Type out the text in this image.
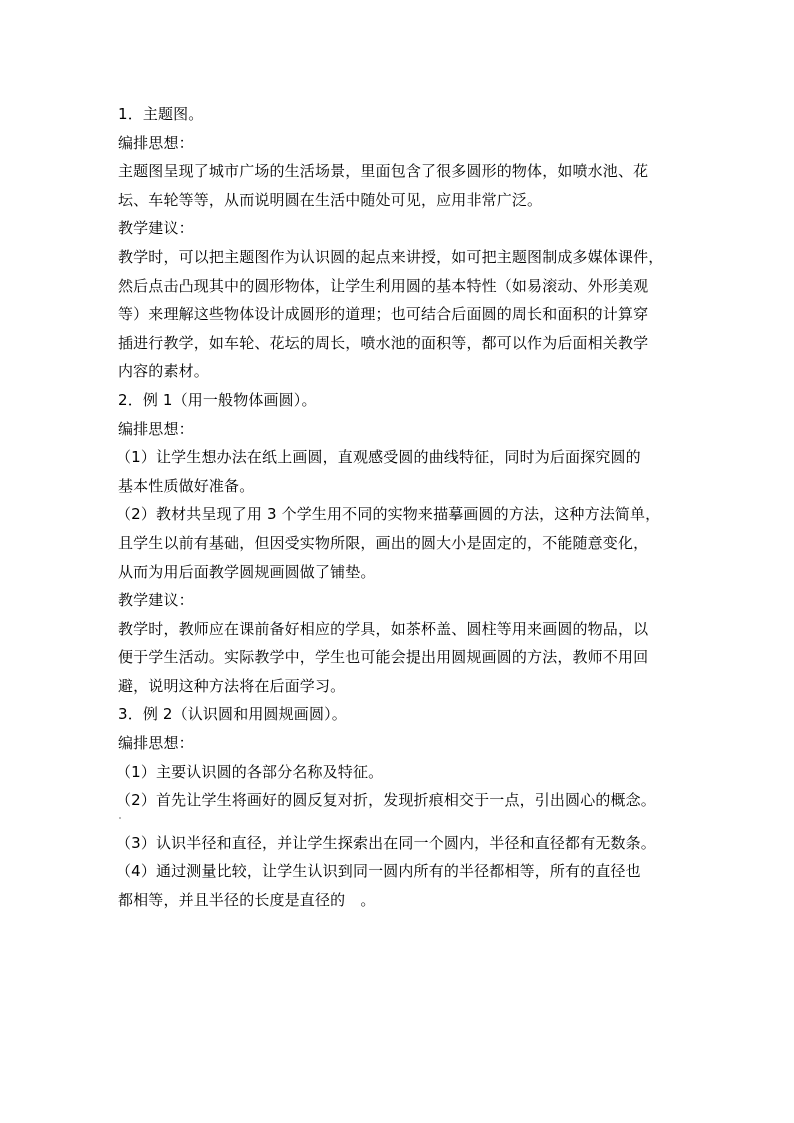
1．主题图。
编排思想：
主题图呈现了城市广场的生活场景，里面包含了很多圆形的物体，如喷水池、花
坛、车轮等等，从而说明圆在生活中随处可见，应用非常广泛。
教学建议：
教学时，可以把主题图作为认识圆的起点来讲授，如可把主题图制成多媒体课件，
然后点击凸现其中的圆形物体，让学生利用圆的基本特性（如易滚动、外形美观
等）来理解这些物体设计成圆形的道理；也可结合后面圆的周长和面积的计算穿
插进行教学，如车轮、花坛的周长，喷水池的面积等，都可以作为后面相关教学
内容的素材。
2．例 1（用一般物体画圆）。
编排思想：
（1）让学生想办法在纸上画圆，直观感受圆的曲线特征，同时为后面探究圆的
基本性质做好准备。
（2）教材共呈现了用 3 个学生用不同的实物来描摹画圆的方法，这种方法简单，
且学生以前有基础，但因受实物所限，画出的圆大小是固定的，不能随意变化，
从而为用后面教学圆规画圆做了铺垫。
教学建议：
教学时，教师应在课前备好相应的学具，如茶杯盖、圆柱等用来画圆的物品，以
便于学生活动。实际教学中，学生也可能会提出用圆规画圆的方法，教师不用回
避，说明这种方法将在后面学习。
3．例 2（认识圆和用圆规画圆）。
编排思想：
（1）主要认识圆的各部分名称及特征。
（2）首先让学生将画好的圆反复对折，发现折痕相交于一点，引出圆心的概念。
（3）认识半径和直径，并让学生探索出在同一个圆内，半径和直径都有无数条。
（4）通过测量比较，让学生认识到同一圆内所有的半径都相等，所有的直径也
都相等，并且半径的长度是直径的　。
